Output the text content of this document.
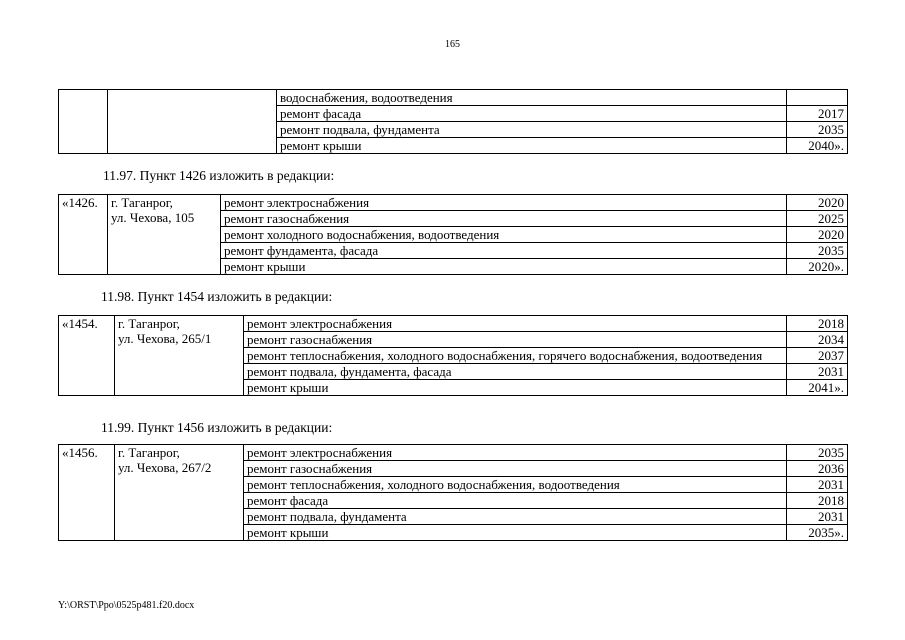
165
		водоснабжения, водоотведения	
		ремонт фасада	2017
		ремонт подвала, фундамента	2035
		ремонт крыши	2040».
11.97. Пункт 1426 изложить в редакции:
«1426.	г. Таганрог,
ул. Чехова, 105	ремонт электроснабжения	2020
		ремонт газоснабжения	2025
		ремонт холодного водоснабжения, водоотведения	2020
		ремонт фундамента, фасада	2035
		ремонт крыши	2020».
11.98. Пункт 1454 изложить в редакции:
«1454.	г. Таганрог,
ул. Чехова, 265/1	ремонт электроснабжения	2018
		ремонт газоснабжения	2034
		ремонт теплоснабжения, холодного водоснабжения, горячего водоснабжения, водоотведения	2037
		ремонт подвала, фундамента, фасада	2031
		ремонт крыши	2041».
11.99. Пункт 1456 изложить в редакции:
«1456.	г. Таганрог,
ул. Чехова, 267/2	ремонт электроснабжения	2035
		ремонт газоснабжения	2036
		ремонт теплоснабжения, холодного водоснабжения, водоотведения	2031
		ремонт фасада	2018
		ремонт подвала, фундамента	2031
		ремонт крыши	2035».
Y:\ORST\Ppo\0525p481.f20.docx
